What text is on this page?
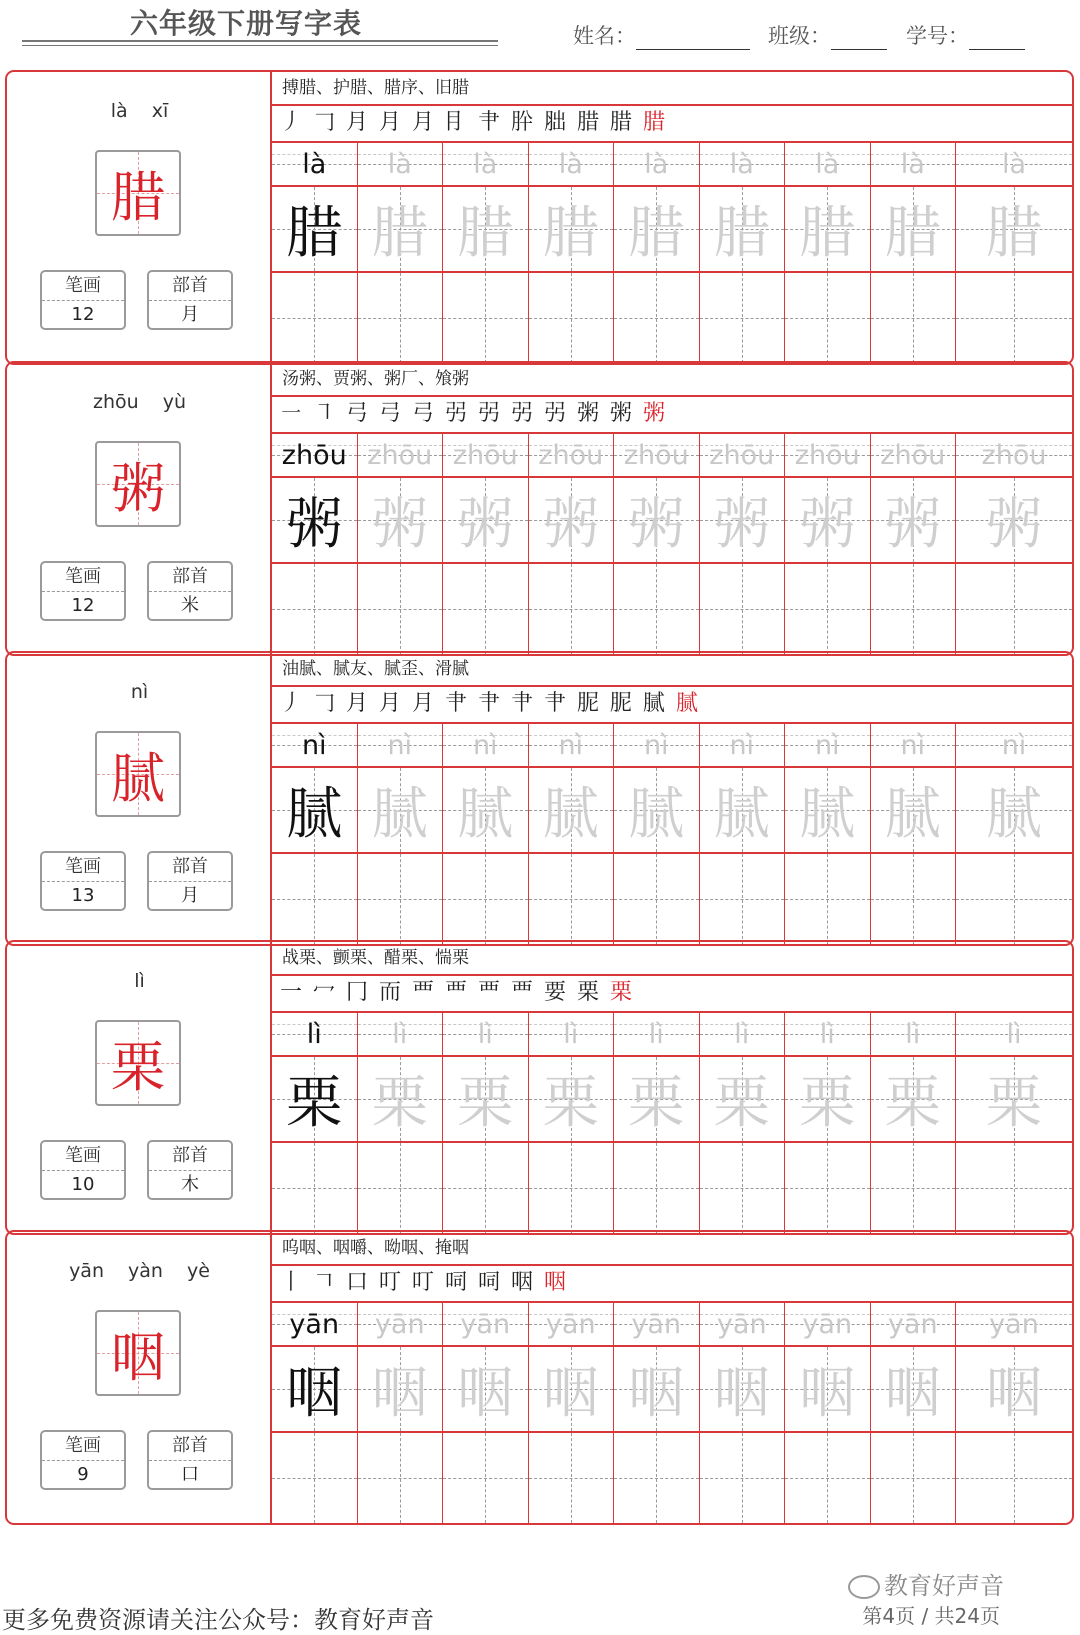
六年级下册写字表	姓名：	班级：	学号：
là xī
腊
笔画
12
部首
月
搏腊、护腊、腊序、旧腊
丿 𠃌 月 月 月 ⺝ 肀 肸 胐 腊 腊 腊
là là là là là là là là	là
腊 腊 腊 腊 腊 腊 腊 腊 腊
zhōu yù
粥
笔画
12
部首
米
汤粥、贾粥、粥厂、飧粥
㇐ ㇕ 弓 弓 弓 弜 弜 弜 弜 粥 粥 粥
zhōu zhōu zhōu zhōu zhōu zhōu zhōu zhōu zhōu
粥 粥 粥 粥 粥 粥 粥 粥 粥
nì
腻
笔画
13
部首
月
油腻、腻友、腻歪、滑腻
丿 𠃌 月 月 月 肀 肀 肀 肀 胒 胒 腻 腻
nì nì nì nì nì nì nì nì	nì
腻 腻 腻 腻 腻 腻 腻 腻 腻
lì
栗
笔画
10
部首
木
战栗、颤栗、醋栗、惴栗
一 冖 冂 而 覀 覀 覀 覀 要 栗 栗
lì	lì	lì	lì	lì	lì	lì	lì	lì
栗 栗 栗 栗 栗 栗 栗 栗 栗
yān yàn yè
咽
笔画
9
部首
口
呜咽、咽嚼、呦咽、掩咽
丨 𠃍 口 叮 叮 呞 呞 咽 咽
yān yān yān yān yān yān yān yān yān
咽 咽 咽 咽 咽 咽 咽 咽 咽
更多免费资源请关注公众号：教育好声音
教育好声音
第4页 / 共24页
